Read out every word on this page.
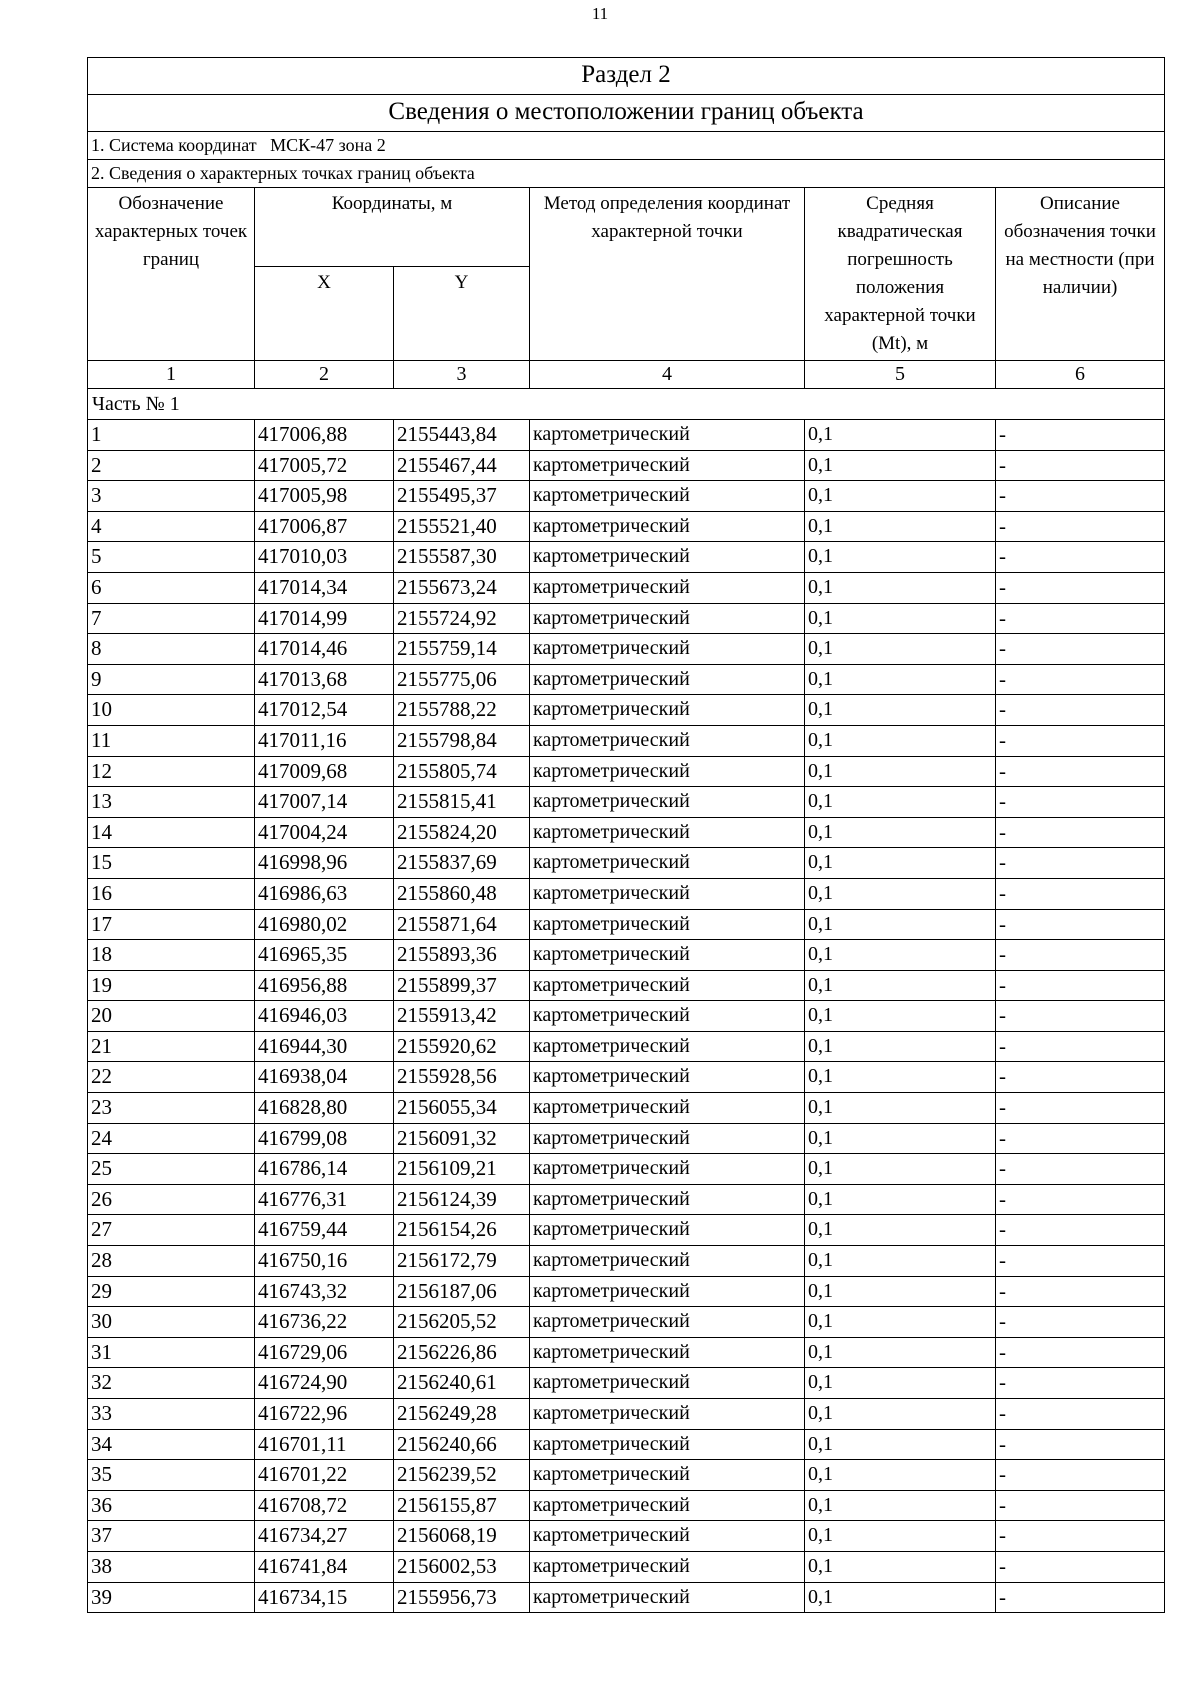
11
Раздел 2					
Сведения о местоположении границ объекта					
1. Система координат   МСК-47 зона 2					
2. Сведения о характерных точках границ объекта					
Обозначение характерных точек границ	Координаты, м		Метод определения координат характерной точки	Средняя квадратическая погрешность положения характерной точки (Mt), м	Описание обозначения точки на местности (при наличии)
	X	Y			
1	2	3	4	5	6
Часть № 1					
1	417006,88	2155443,84	картометрический	0,1	-
2	417005,72	2155467,44	картометрический	0,1	-
3	417005,98	2155495,37	картометрический	0,1	-
4	417006,87	2155521,40	картометрический	0,1	-
5	417010,03	2155587,30	картометрический	0,1	-
6	417014,34	2155673,24	картометрический	0,1	-
7	417014,99	2155724,92	картометрический	0,1	-
8	417014,46	2155759,14	картометрический	0,1	-
9	417013,68	2155775,06	картометрический	0,1	-
10	417012,54	2155788,22	картометрический	0,1	-
11	417011,16	2155798,84	картометрический	0,1	-
12	417009,68	2155805,74	картометрический	0,1	-
13	417007,14	2155815,41	картометрический	0,1	-
14	417004,24	2155824,20	картометрический	0,1	-
15	416998,96	2155837,69	картометрический	0,1	-
16	416986,63	2155860,48	картометрический	0,1	-
17	416980,02	2155871,64	картометрический	0,1	-
18	416965,35	2155893,36	картометрический	0,1	-
19	416956,88	2155899,37	картометрический	0,1	-
20	416946,03	2155913,42	картометрический	0,1	-
21	416944,30	2155920,62	картометрический	0,1	-
22	416938,04	2155928,56	картометрический	0,1	-
23	416828,80	2156055,34	картометрический	0,1	-
24	416799,08	2156091,32	картометрический	0,1	-
25	416786,14	2156109,21	картометрический	0,1	-
26	416776,31	2156124,39	картометрический	0,1	-
27	416759,44	2156154,26	картометрический	0,1	-
28	416750,16	2156172,79	картометрический	0,1	-
29	416743,32	2156187,06	картометрический	0,1	-
30	416736,22	2156205,52	картометрический	0,1	-
31	416729,06	2156226,86	картометрический	0,1	-
32	416724,90	2156240,61	картометрический	0,1	-
33	416722,96	2156249,28	картометрический	0,1	-
34	416701,11	2156240,66	картометрический	0,1	-
35	416701,22	2156239,52	картометрический	0,1	-
36	416708,72	2156155,87	картометрический	0,1	-
37	416734,27	2156068,19	картометрический	0,1	-
38	416741,84	2156002,53	картометрический	0,1	-
39	416734,15	2155956,73	картометрический	0,1	-
